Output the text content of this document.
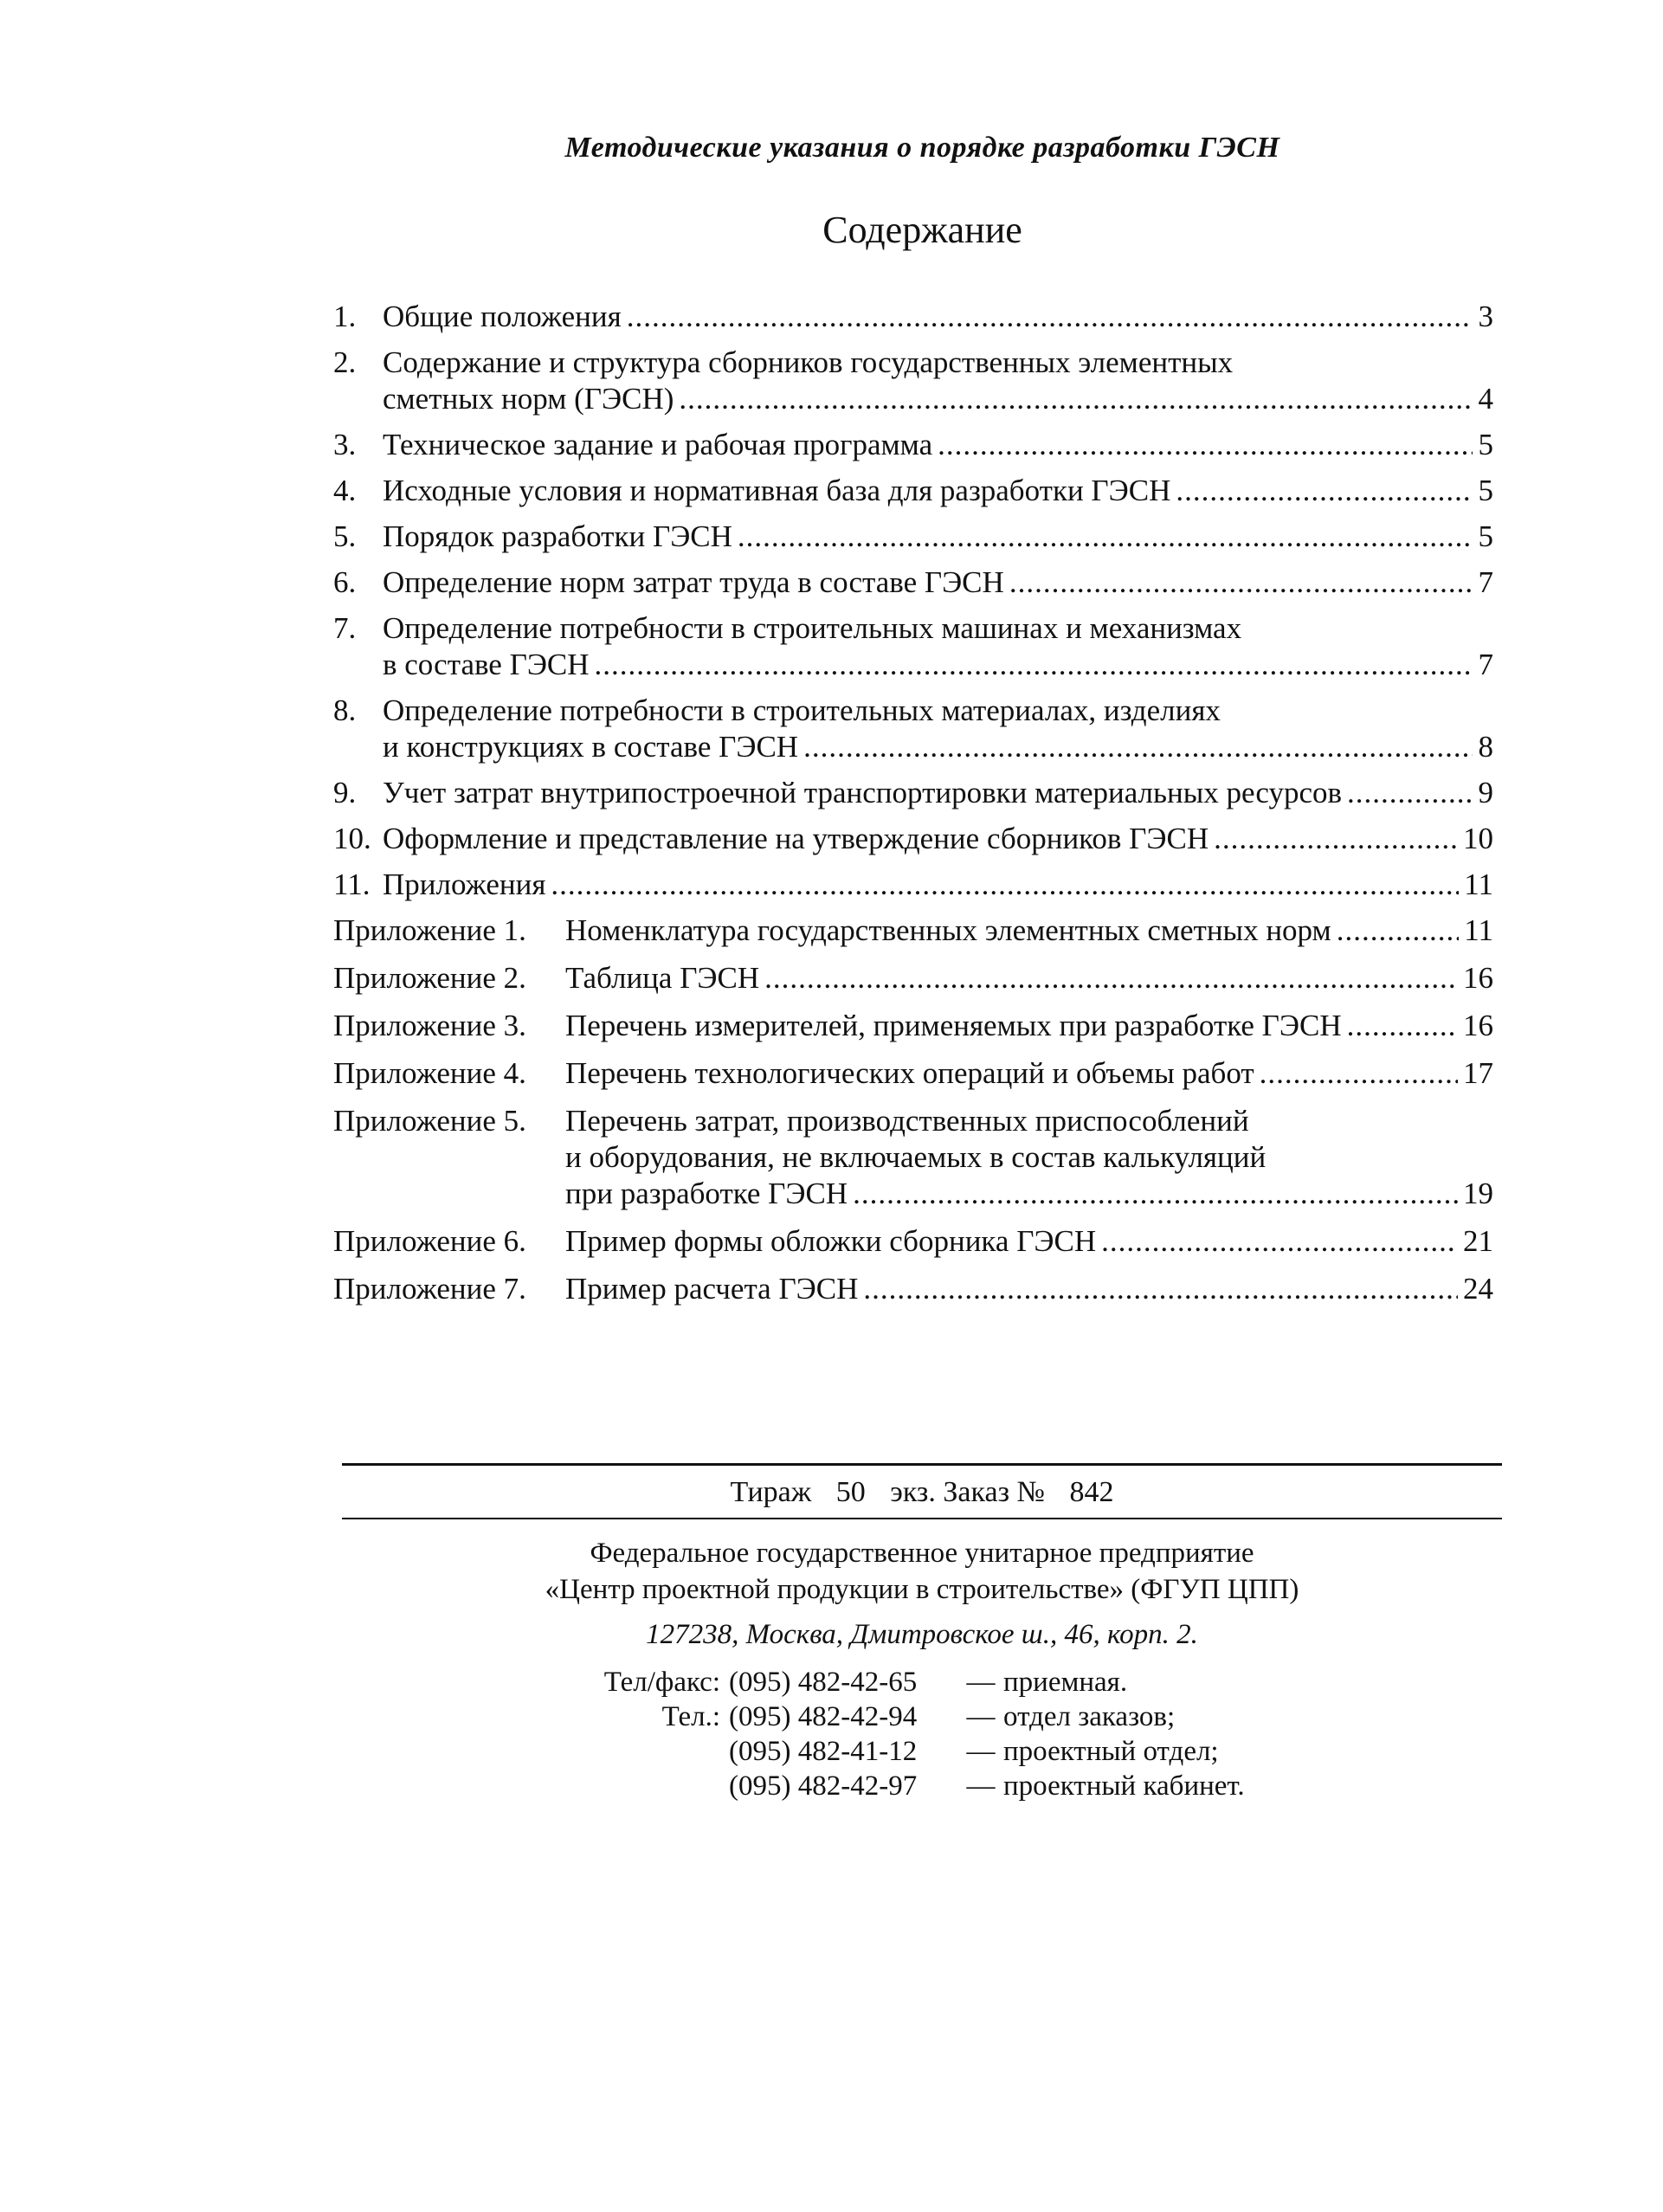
Методические указания о порядке разработки ГЭСН
Содержание
1. Общие положения .....	3
2. Содержание и структура сборников государственных элементных
сметных норм (ГЭСН) .....	4
3. Техническое задание и рабочая программа .....	5
4. Исходные условия и нормативная база для разработки ГЭСН .....	5
5. Порядок разработки ГЭСН .....	5
6. Определение норм затрат труда в составе ГЭСН .....	7
7. Определение потребности в строительных машинах и механизмах
в составе ГЭСН .....	7
8. Определение потребности в строительных материалах, изделиях
и конструкциях в составе ГЭСН .....	8
9. Учет затрат внутрипостроечной транспортировки материальных ресурсов .....	9
10. Оформление и представление на утверждение сборников ГЭСН .....	10
11. Приложения .....	11
Приложение 1.	Номенклатура государственных элементных сметных норм .....	11
Приложение 2.	Таблица ГЭСН .....	16
Приложение 3.	Перечень измерителей, применяемых при разработке ГЭСН .....	16
Приложение 4.	Перечень технологических операций и объемы работ .....	17
Приложение 5.	Перечень затрат, производственных приспособлений
и оборудования, не включаемых в состав калькуляций
при разработке ГЭСН .....	19
Приложение 6.	Пример формы обложки сборника ГЭСН .....	21
Приложение 7.	Пример расчета ГЭСН .....	24
Тираж 50 экз. Заказ № 842
Федеральное государственное унитарное предприятие
«Центр проектной продукции в строительстве» (ФГУП ЦПП)
127238, Москва, Дмитровское ш., 46, корп. 2.
Тел/факс: (095) 482-42-65	— приемная.
Тел.: (095) 482-42-94	— отдел заказов;
(095) 482-41-12	— проектный отдел;
(095) 482-42-97	— проектный кабинет.
